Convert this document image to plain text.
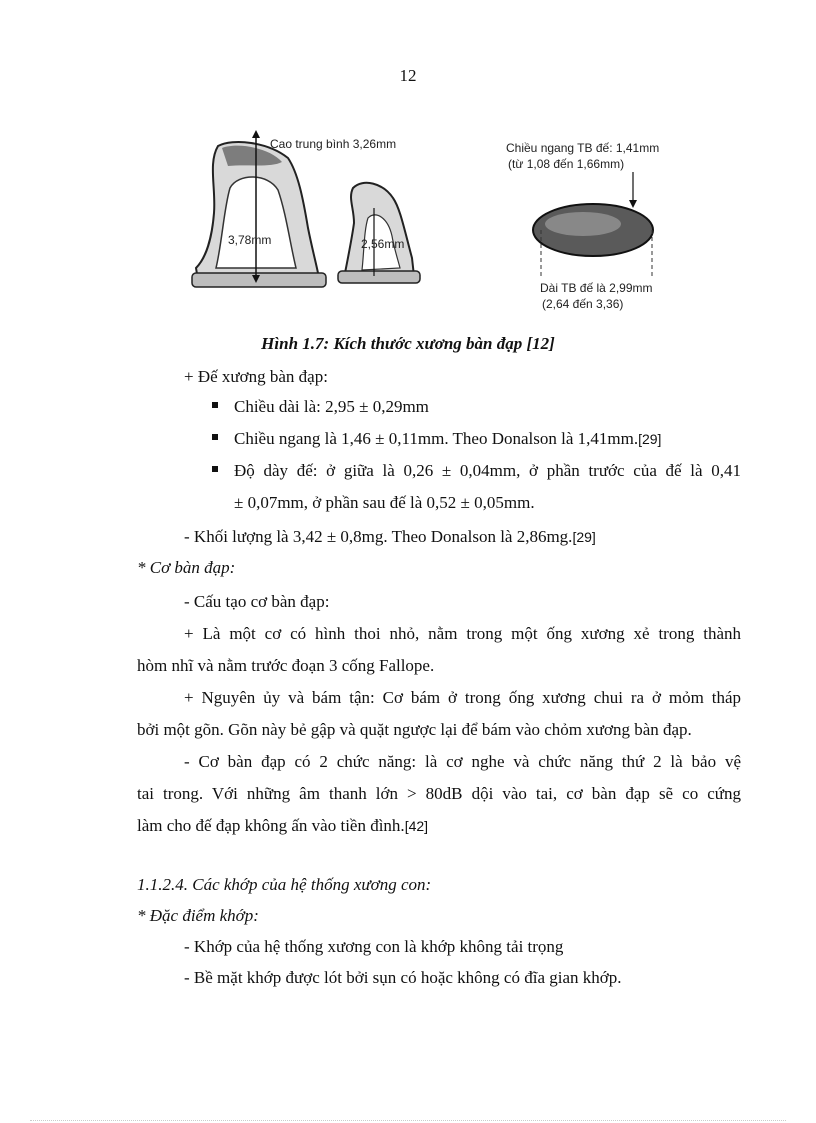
12
Cao trung bình 3,26mm
3,78mm	2,56mm
Chiều ngang TB đế: 1,41mm
(từ 1,08 đến 1,66mm)
Dài TB đế là 2,99mm
(2,64 đến 3,36)
Hình 1.7: Kích thước xương bàn đạp [12]
+ Đế xương bàn đạp:
Chiều dài là: 2,95 ± 0,29mm
Chiều ngang là 1,46 ± 0,11mm. Theo Donalson là 1,41mm.[29]
Độ dày đế: ở giữa là 0,26 ± 0,04mm, ở phần trước của đế là 0,41
± 0,07mm, ở phần sau đế là 0,52 ± 0,05mm.
- Khối lượng là 3,42 ± 0,8mg. Theo Donalson là 2,86mg.[29]
* Cơ bàn đạp:
- Cấu tạo cơ bàn đạp:
+ Là một cơ có hình thoi nhỏ, nằm trong một ống xương xẻ trong thành
hòm nhĩ và nằm trước đoạn 3 cống Fallope.
+ Nguyên ủy và bám tận: Cơ bám ở trong ống xương chui ra ở mỏm tháp
bởi một gõn. Gõn này bẻ gập và quặt ngược lại để bám vào chỏm xương bàn đạp.
- Cơ bàn đạp có 2 chức năng: là cơ nghe và chức năng thứ 2 là bảo vệ
tai trong. Với những âm thanh lớn > 80dB dội vào tai, cơ bàn đạp sẽ co cứng
làm cho đế đạp không ấn vào tiền đình.[42]
1.1.2.4. Các khớp của hệ thống xương con:
* Đặc điểm khớp:
- Khớp của hệ thống xương con là khớp không tải trọng
- Bề mặt khớp được lót bởi sụn có hoặc không có đĩa gian khớp.
